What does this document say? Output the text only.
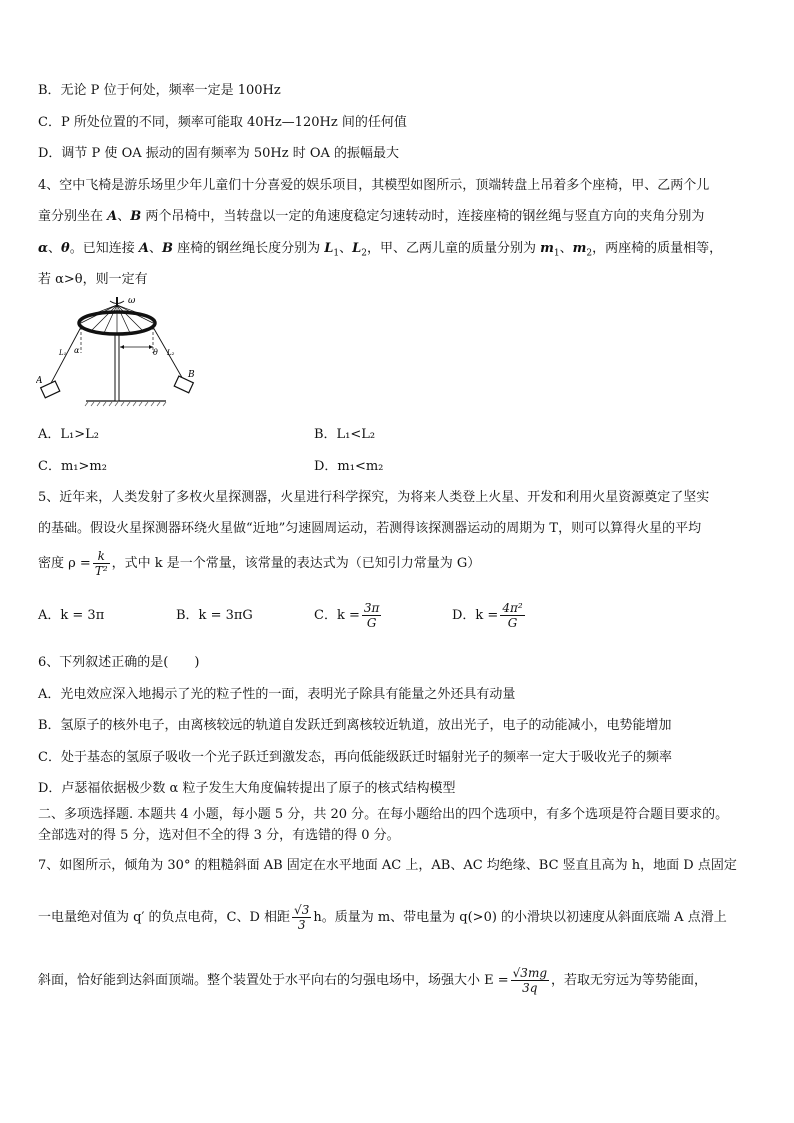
B．无论 P 位于何处，频率一定是 100Hz
C．P 所处位置的不同，频率可能取 40Hz—120Hz 间的任何值
D．调节 P 使 OA 振动的固有频率为 50Hz 时 OA 的振幅最大
4、空中飞椅是游乐场里少年儿童们十分喜爱的娱乐项目，其模型如图所示，顶端转盘上吊着多个座椅，甲、乙两个儿
童分别坐在 A、B 两个吊椅中，当转盘以一定的角速度稳定匀速转动时，连接座椅的钢丝绳与竖直方向的夹角分别为
α、θ。已知连接 A、B 座椅的钢丝绳长度分别为 $L_1$、$L_2$，甲、乙两儿童的质量分别为 $m_1$、$m_2$，两座椅的质量相等，
若 α>θ，则一定有
ω
α	θ
L₁	L₂
A
B
A．L₁>L₂	B．L₁<L₂
C．m₁>m₂	D．m₁<m₂
5、近年来，人类发射了多枚火星探测器，火星进行科学探究，为将来人类登上火星、开发和利用火星资源奠定了坚实
的基础。假设火星探测器环绕火星做“近地”匀速圆周运动，若测得该探测器运动的周期为 T，则可以算得火星的平均
密度 $\rho = \frac{k}{\text{T²}}$ ，式中 k 是一个常量，该常量的表达式为（已知引力常量为 G）
A．k = 3π	B．k = 3πG	C．$k = \frac{3\pi}{G}$	D．$k = \frac{\text{4π²}}{G}$
6、下列叙述正确的是(　　)
A．光电效应深入地揭示了光的粒子性的一面，表明光子除具有能量之外还具有动量
B．氢原子的核外电子，由离核较远的轨道自发跃迁到离核较近轨道，放出光子，电子的动能减小，电势能增加
C．处于基态的氢原子吸收一个光子跃迁到激发态，再向低能级跃迁时辐射光子的频率一定大于吸收光子的频率
D．卢瑟福依据极少数 α 粒子发生大角度偏转提出了原子的核式结构模型
二、多项选择题. 本题共 4 小题，每小题 5 分，共 20 分。在每小题给出的四个选项中，有多个选项是符合题目要求的。
全部选对的得 5 分，选对但不全的得 3 分，有选错的得 0 分。
7、如图所示，倾角为 30° 的粗糙斜面 AB 固定在水平地面 AC 上，AB、AC 均绝缘、BC 竖直且高为 h，地面 D 点固定
一电量绝对值为 q′ 的负点电荷，C、D 相距 $\frac{√3}{3}$ h。质量为 m、带电量为 q(>0) 的小滑块以初速度从斜面底端 A 点滑上
斜面，恰好能到达斜面顶端。整个装置处于水平向右的匀强电场中，场强大小 $E = \frac{√3mg}{3q}$ ，若取无穷远为等势能面，
